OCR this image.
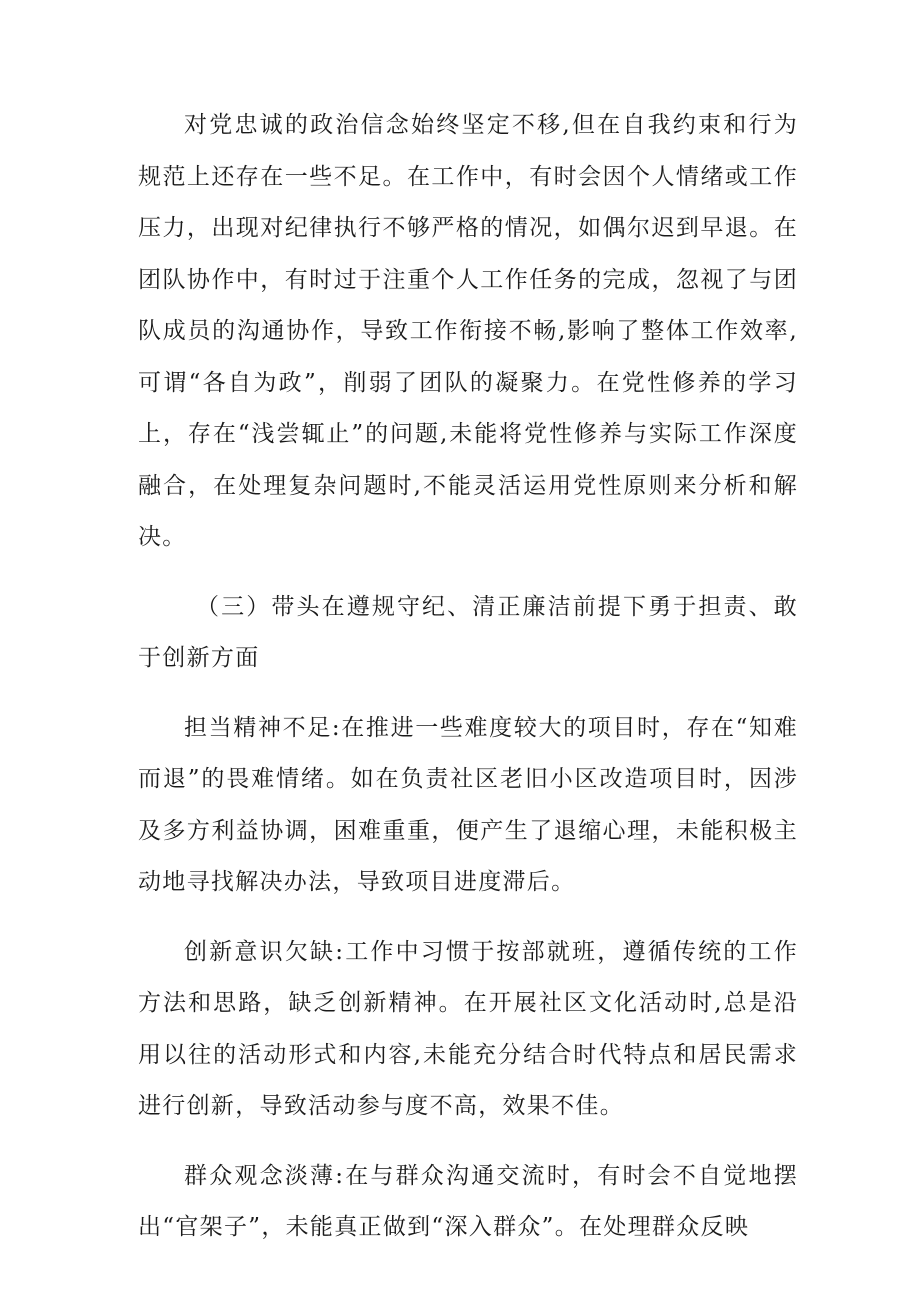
对党忠诚的政治信念始终坚定不移,但在自我约束和行为规范上还存在一些不足。在工作中，有时会因个人情绪或工作压力，出现对纪律执行不够严格的情况，如偶尔迟到早退。在团队协作中，有时过于注重个人工作任务的完成，忽视了与团队成员的沟通协作，导致工作衔接不畅,影响了整体工作效率,可谓“各自为政”，削弱了团队的凝聚力。在党性修养的学习上，存在“浅尝辄止”的问题,未能将党性修养与实际工作深度融合，在处理复杂问题时,不能灵活运用党性原则来分析和解决。

（三）带头在遵规守纪、清正廉洁前提下勇于担责、敢于创新方面

担当精神不足:在推进一些难度较大的项目时，存在“知难而退”的畏难情绪。如在负责社区老旧小区改造项目时，因涉及多方利益协调，困难重重，便产生了退缩心理，未能积极主动地寻找解决办法，导致项目进度滞后。

创新意识欠缺:工作中习惯于按部就班，遵循传统的工作方法和思路，缺乏创新精神。在开展社区文化活动时,总是沿用以往的活动形式和内容,未能充分结合时代特点和居民需求进行创新，导致活动参与度不高，效果不佳。

群众观念淡薄:在与群众沟通交流时，有时会不自觉地摆出“官架子”，未能真正做到“深入群众”。在处理群众反映
